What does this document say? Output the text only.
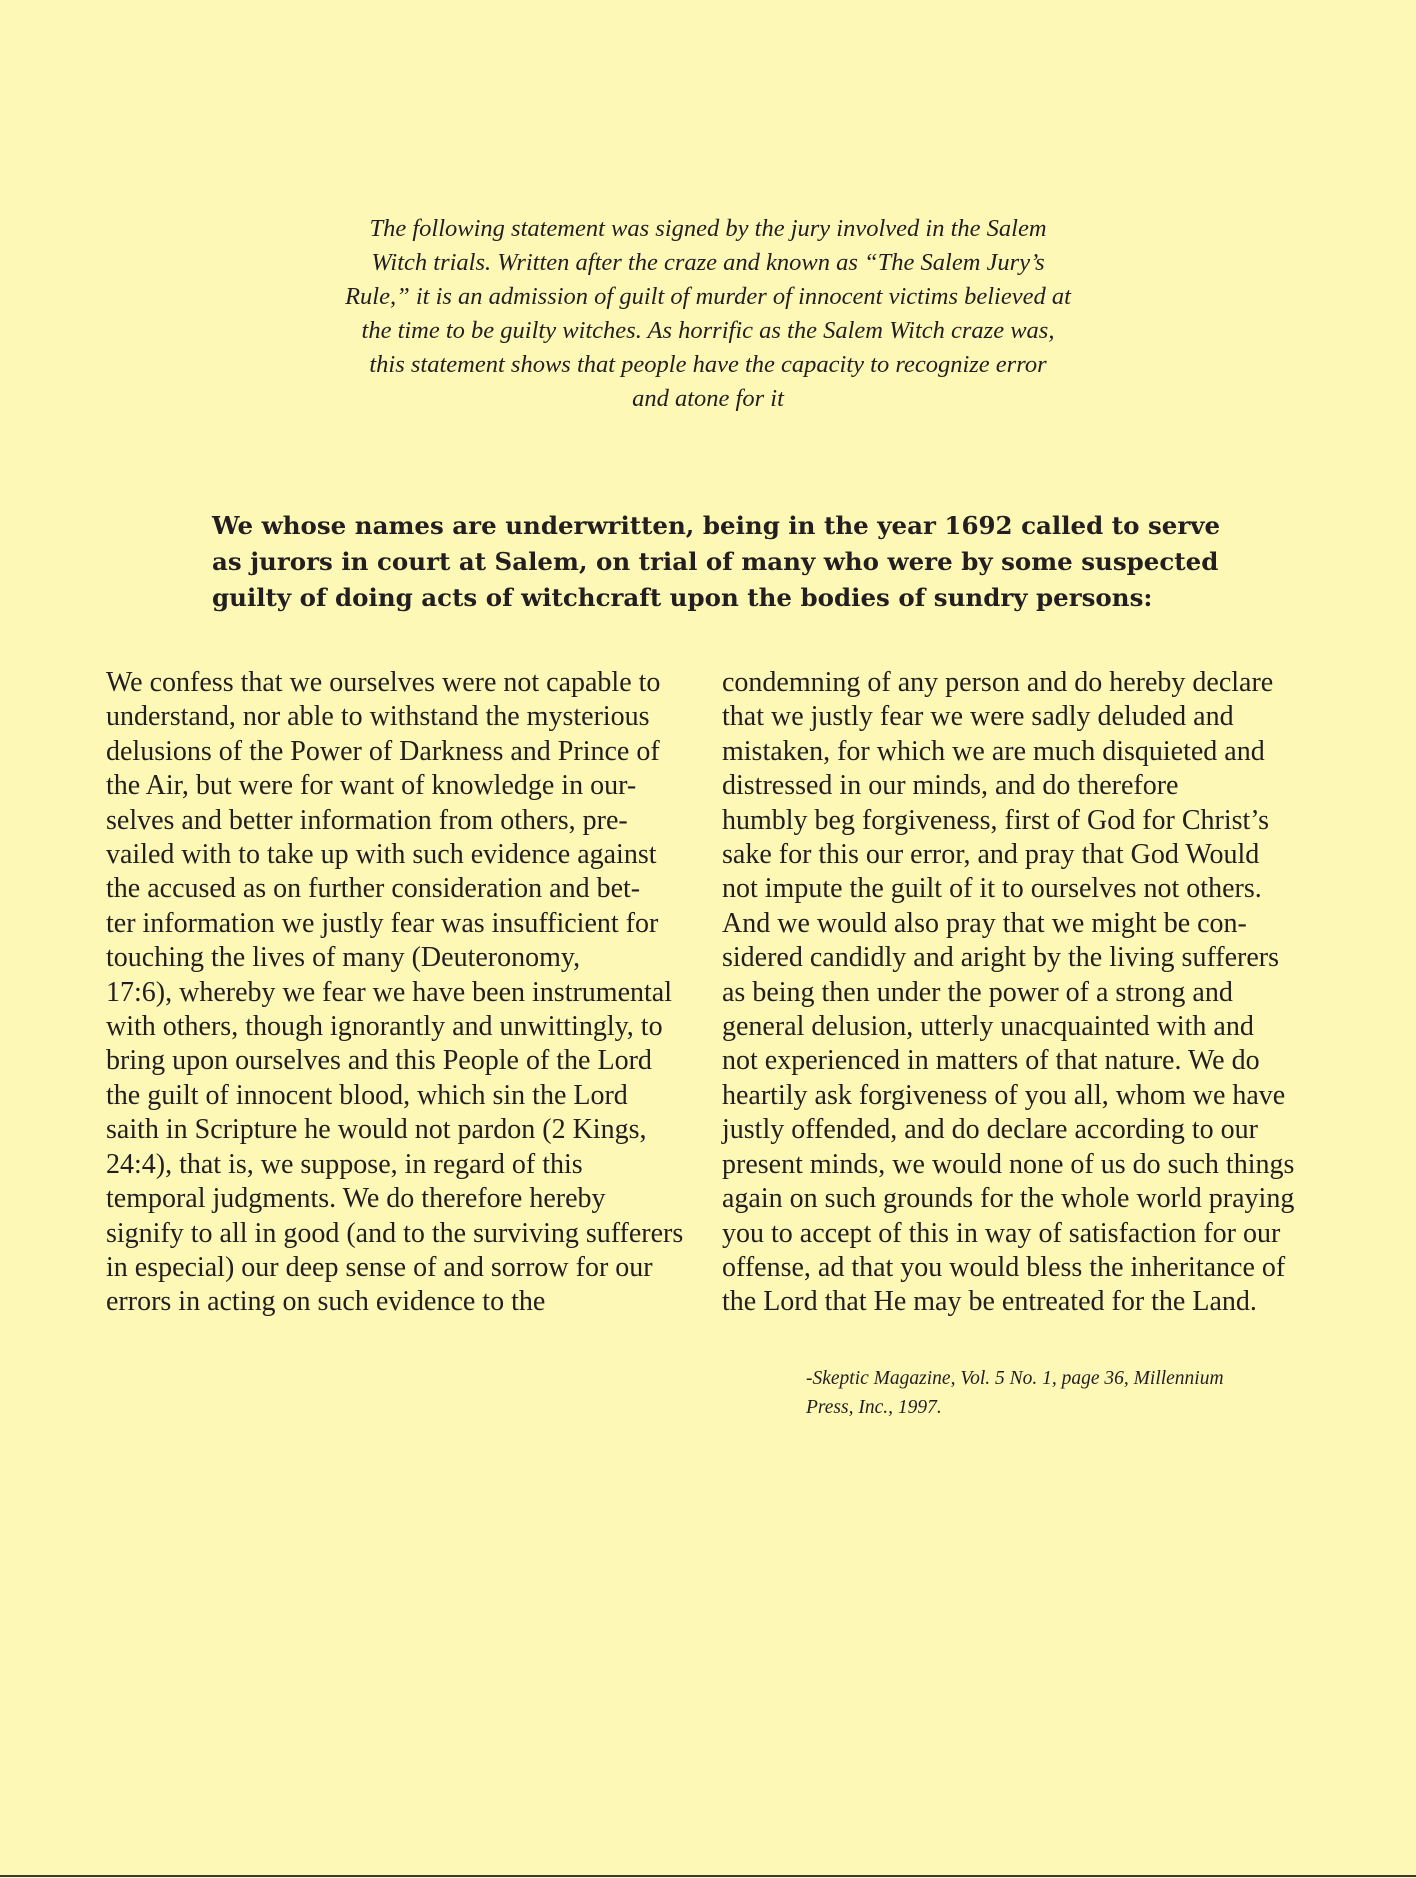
The following statement was signed by the jury involved in the Salem
Witch trials. Written after the craze and known as “The Salem Jury’s
Rule,” it is an admission of guilt of murder of innocent victims believed at
the time to be guilty witches. As horrific as the Salem Witch craze was,
this statement shows that people have the capacity to recognize error
and atone for it
We whose names are underwritten, being in the year 1692 called to serve
as jurors in court at Salem, on trial of many who were by some suspected
guilty of doing acts of witchcraft upon the bodies of sundry persons:
We confess that we ourselves were not capable to
understand, nor able to withstand the mysterious
delusions of the Power of Darkness and Prince of
the Air, but were for want of knowledge in our-
selves and better information from others, pre-
vailed with to take up with such evidence against
the accused as on further consideration and bet-
ter information we justly fear was insufficient for
touching the lives of many (Deuteronomy,
17:6), whereby we fear we have been instrumental
with others, though ignorantly and unwittingly, to
bring upon ourselves and this People of the Lord
the guilt of innocent blood, which sin the Lord
saith in Scripture he would not pardon (2 Kings,
24:4), that is, we suppose, in regard of this
temporal judgments. We do therefore hereby
signify to all in good (and to the surviving sufferers
in especial) our deep sense of and sorrow for our
errors in acting on such evidence to the
condemning of any person and do hereby declare
that we justly fear we were sadly deluded and
mistaken, for which we are much disquieted and
distressed in our minds, and do therefore
humbly beg forgiveness, first of God for Christ’s
sake for this our error, and pray that God Would
not impute the guilt of it to ourselves not others.
And we would also pray that we might be con-
sidered candidly and aright by the living sufferers
as being then under the power of a strong and
general delusion, utterly unacquainted with and
not experienced in matters of that nature. We do
heartily ask forgiveness of you all, whom we have
justly offended, and do declare according to our
present minds, we would none of us do such things
again on such grounds for the whole world praying
you to accept of this in way of satisfaction for our
offense, ad that you would bless the inheritance of
the Lord that He may be entreated for the Land.
-Skeptic Magazine, Vol. 5 No. 1, page 36, Millennium
Press, Inc., 1997.
